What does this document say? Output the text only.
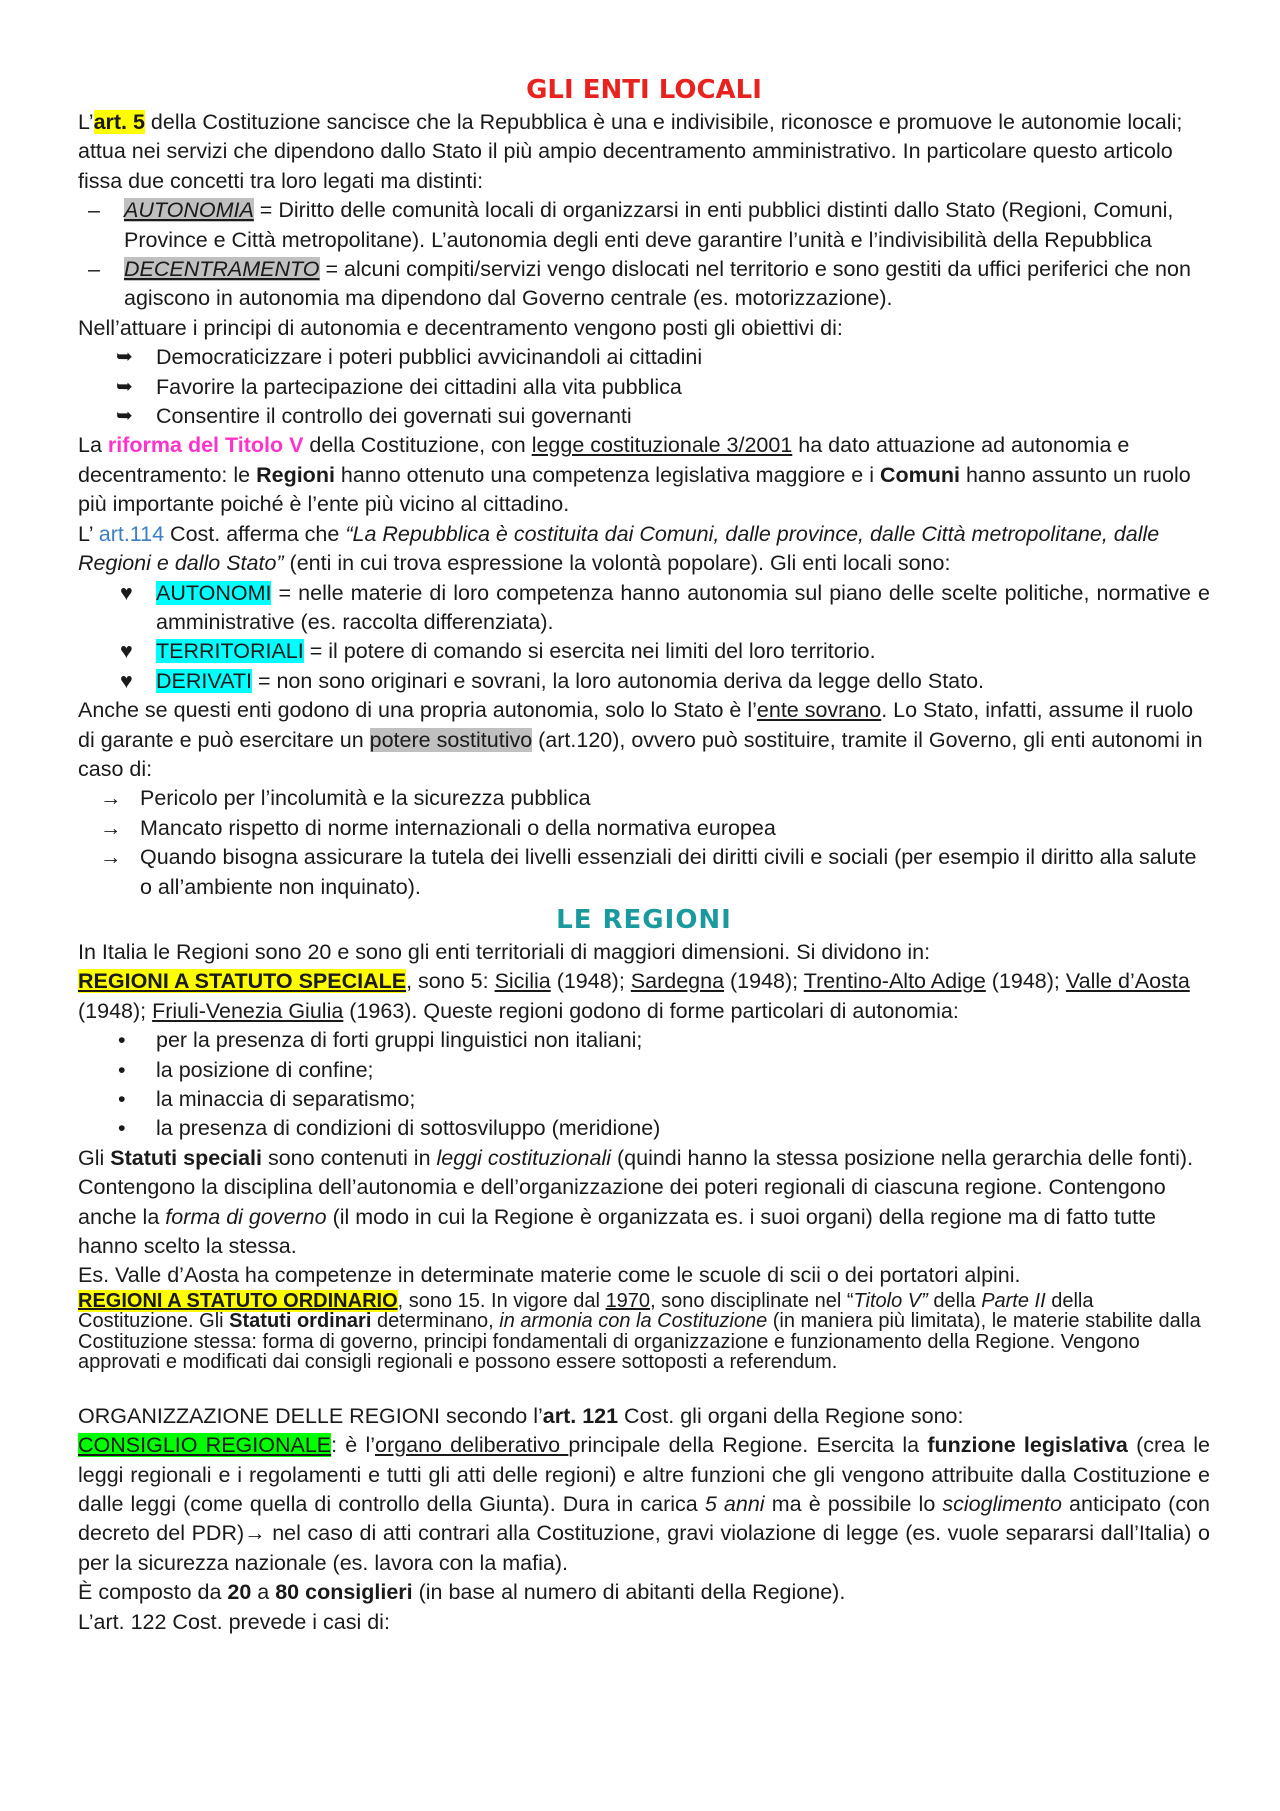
GLI ENTI LOCALI

L’art. 5 della Costituzione sancisce che la Repubblica è una e indivisibile, riconosce e promuove le autonomie locali; attua nei servizi che dipendono dallo Stato il più ampio decentramento amministrativo. In particolare questo articolo fissa due concetti tra loro legati ma distinti:

– AUTONOMIA = Diritto delle comunità locali di organizzarsi in enti pubblici distinti dallo Stato (Regioni, Comuni, Province e Città metropolitane). L’autonomia degli enti deve garantire l’unità e l’indivisibilità della Repubblica
– DECENTRAMENTO = alcuni compiti/servizi vengo dislocati nel territorio e sono gestiti da uffici periferici che non agiscono in autonomia ma dipendono dal Governo centrale (es. motorizzazione).

Nell’attuare i principi di autonomia e decentramento vengono posti gli obiettivi di:

➥ Democraticizzare i poteri pubblici avvicinandoli ai cittadini
➥ Favorire la partecipazione dei cittadini alla vita pubblica
➥ Consentire il controllo dei governati sui governanti

La riforma del Titolo V della Costituzione, con legge costituzionale 3/2001 ha dato attuazione ad autonomia e decentramento: le Regioni hanno ottenuto una competenza legislativa maggiore e i Comuni hanno assunto un ruolo più importante poiché è l’ente più vicino al cittadino.

L’ art.114 Cost. afferma che “La Repubblica è costituita dai Comuni, dalle province, dalle Città metropolitane, dalle Regioni e dallo Stato” (enti in cui trova espressione la volontà popolare). Gli enti locali sono:

♥ AUTONOMI = nelle materie di loro competenza hanno autonomia sul piano delle scelte politiche, normative e amministrative (es. raccolta differenziata).
♥ TERRITORIALI = il potere di comando si esercita nei limiti del loro territorio.
♥ DERIVATI = non sono originari e sovrani, la loro autonomia deriva da legge dello Stato.

Anche se questi enti godono di una propria autonomia, solo lo Stato è l’ente sovrano. Lo Stato, infatti, assume il ruolo di garante e può esercitare un potere sostitutivo (art.120), ovvero può sostituire, tramite il Governo, gli enti autonomi in caso di:

→ Pericolo per l’incolumità e la sicurezza pubblica
→ Mancato rispetto di norme internazionali o della normativa europea
→ Quando bisogna assicurare la tutela dei livelli essenziali dei diritti civili e sociali (per esempio il diritto alla salute o all’ambiente non inquinato).
LE REGIONI

In Italia le Regioni sono 20 e sono gli enti territoriali di maggiori dimensioni. Si dividono in:

REGIONI A STATUTO SPECIALE, sono 5: Sicilia (1948); Sardegna (1948); Trentino-Alto Adige (1948); Valle d’Aosta (1948); Friuli-Venezia Giulia (1963). Queste regioni godono di forme particolari di autonomia:

• per la presenza di forti gruppi linguistici non italiani;
• la posizione di confine;
• la minaccia di separatismo;
• la presenza di condizioni di sottosviluppo (meridione)

Gli Statuti speciali sono contenuti in leggi costituzionali (quindi hanno la stessa posizione nella gerarchia delle fonti). Contengono la disciplina dell’autonomia e dell’organizzazione dei poteri regionali di ciascuna regione. Contengono anche la forma di governo (il modo in cui la Regione è organizzata es. i suoi organi) della regione ma di fatto tutte hanno scelto la stessa.

Es. Valle d’Aosta ha competenze in determinate materie come le scuole di scii o dei portatori alpini.

REGIONI A STATUTO ORDINARIO, sono 15. In vigore dal 1970, sono disciplinate nel “Titolo V” della Parte II della Costituzione. Gli Statuti ordinari determinano, in armonia con la Costituzione (in maniera più limitata), le materie stabilite dalla Costituzione stessa: forma di governo, principi fondamentali di organizzazione e funzionamento della Regione. Vengono approvati e modificati dai consigli regionali e possono essere sottoposti a referendum.

ORGANIZZAZIONE DELLE REGIONI secondo l’art. 121 Cost. gli organi della Regione sono:

CONSIGLIO REGIONALE: è l’organo deliberativo principale della Regione. Esercita la funzione legislativa (crea le leggi regionali e i regolamenti e tutti gli atti delle regioni) e altre funzioni che gli vengono attribuite dalla Costituzione e dalle leggi (come quella di controllo della Giunta). Dura in carica 5 anni ma è possibile lo scioglimento anticipato (con decreto del PDR)→ nel caso di atti contrari alla Costituzione, gravi violazione di legge (es. vuole separarsi dall’Italia) o per la sicurezza nazionale (es. lavora con la mafia).

È composto da 20 a 80 consiglieri (in base al numero di abitanti della Regione).

L’art. 122 Cost. prevede i casi di:
